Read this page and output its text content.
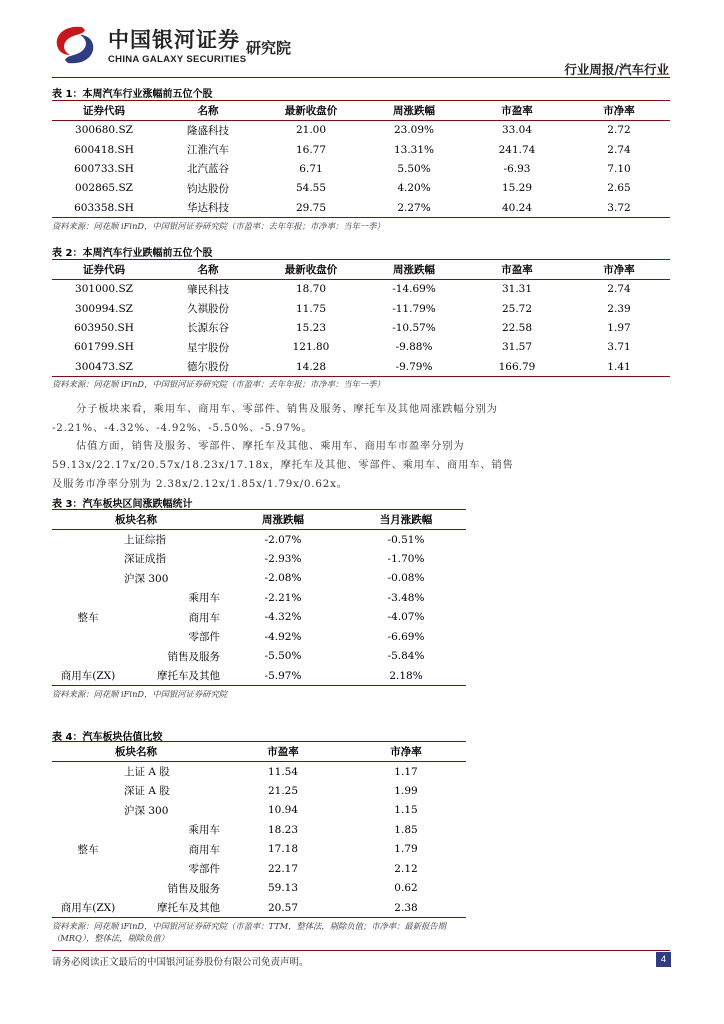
中国银河证券
CHINA GALAXY SECURITIES
研究院
行业周报/汽车行业
表 1：本周汽车行业涨幅前五位个股
证券代码	名称	最新收盘价	周涨跌幅	市盈率	市净率
300680.SZ	隆盛科技	21.00	23.09%	33.04	2.72
600418.SH	江淮汽车	16.77	13.31%	241.74	2.74
600733.SH	北汽蓝谷	6.71	5.50%	-6.93	7.10
002865.SZ	钧达股份	54.55	4.20%	15.29	2.65
603358.SH	华达科技	29.75	2.27%	40.24	3.72
资料来源：同花顺 iFinD，中国银河证券研究院（市盈率：去年年报；市净率：当年一季）
表 2：本周汽车行业跌幅前五位个股
证券代码	名称	最新收盘价	周涨跌幅	市盈率	市净率
301000.SZ	肇民科技	18.70	-14.69%	31.31	2.74
300994.SZ	久祺股份	11.75	-11.79%	25.72	2.39
603950.SH	长源东谷	15.23	-10.57%	22.58	1.97
601799.SH	星宇股份	121.80	-9.88%	31.57	3.71
300473.SZ	德尔股份	14.28	-9.79%	166.79	1.41
资料来源：同花顺 iFinD，中国银河证券研究院（市盈率：去年年报；市净率：当年一季）
分子板块来看，乘用车、商用车、零部件、销售及服务、摩托车及其他周涨跌幅分别为 -2.21%、-4.32%、-4.92%、-5.50%、-5.97%。
估值方面，销售及服务、零部件、摩托车及其他、乘用车、商用车市盈率分别为 59.13x/22.17x/20.57x/18.23x/17.18x，摩托车及其他、零部件、乘用车、商用车、销售及服务市净率分别为 2.38x/2.12x/1.85x/1.79x/0.62x。
表 3：汽车板块区间涨跌幅统计
板块名称		周涨跌幅	当月涨跌幅
	上证综指	-2.07%	-0.51%
	深证成指	-2.93%	-1.70%
	沪深 300	-2.08%	-0.08%
	乘用车	-2.21%	-3.48%
整车	商用车	-4.32%	-4.07%
	零部件	-4.92%	-6.69%
	销售及服务	-5.50%	-5.84%
商用车(ZX)	摩托车及其他	-5.97%	2.18%
资料来源：同花顺 iFinD，中国银河证券研究院
表 4：汽车板块估值比较
板块名称		市盈率	市净率
	上证 A 股	11.54	1.17
	深证 A 股	21.25	1.99
	沪深 300	10.94	1.15
	乘用车	18.23	1.85
整车	商用车	17.18	1.79
	零部件	22.17	2.12
	销售及服务	59.13	0.62
商用车(ZX)	摩托车及其他	20.57	2.38
资料来源：同花顺 iFinD，中国银河证券研究院（市盈率：TTM，整体法，剔除负值；市净率：最新报告期（MRQ），整体法，剔除负值）
请务必阅读正文最后的中国银河证券股份有限公司免责声明。	4
